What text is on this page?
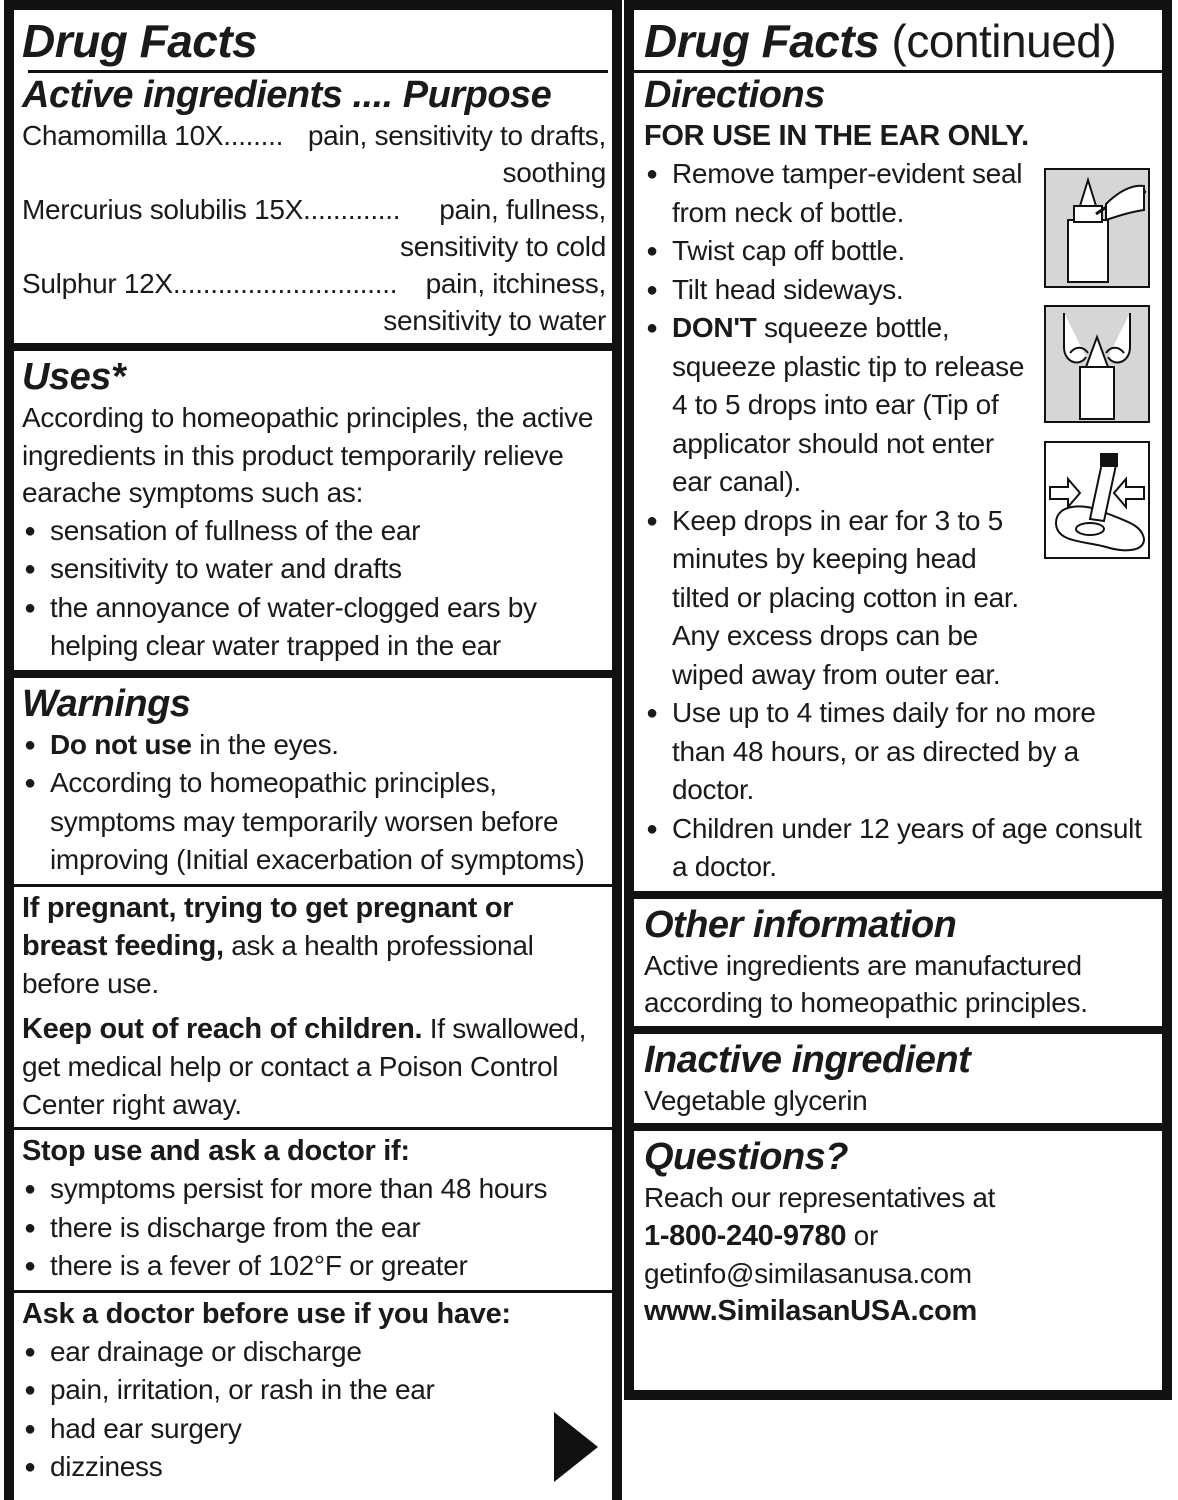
Drug Facts
Active ingredients .... Purpose
Chamomilla 10X ........ pain, sensitivity to drafts,
soothing
Mercurius solubilis 15X .............	pain, fullness,
sensitivity to cold
Sulphur 12X ..............................	pain, itchiness,
sensitivity to water
Uses*
According to homeopathic principles, the active ingredients in this product temporarily relieve earache symptoms such as:
● sensation of fullness of the ear
● sensitivity to water and drafts
● the annoyance of water-clogged ears by helping clear water trapped in the ear
Warnings
● Do not use in the eyes.
● According to homeopathic principles, symptoms may temporarily worsen before improving (Initial exacerbation of symptoms)
If pregnant, trying to get pregnant or breast feeding, ask a health professional before use.
Keep out of reach of children. If swallowed, get medical help or contact a Poison Control Center right away.
Stop use and ask a doctor if:
● symptoms persist for more than 48 hours
● there is discharge from the ear
● there is a fever of 102°F or greater
Ask a doctor before use if you have:
● ear drainage or discharge
● pain, irritation, or rash in the ear
● had ear surgery
● dizziness
Drug Facts (continued)
Directions
FOR USE IN THE EAR ONLY.
● Remove tamper-evident seal from neck of bottle.
● Twist cap off bottle.
● Tilt head sideways.
● DON'T squeeze bottle, squeeze plastic tip to release 4 to 5 drops into ear (Tip of applicator should not enter ear canal).
● Keep drops in ear for 3 to 5 minutes by keeping head tilted or placing cotton in ear. Any excess drops can be wiped away from outer ear.
● Use up to 4 times daily for no more than 48 hours, or as directed by a doctor.
● Children under 12 years of age consult a doctor.
Other information
Active ingredients are manufactured according to homeopathic principles.
Inactive ingredient
Vegetable glycerin
Questions?
Reach our representatives at
1-800-240-9780 or
getinfo@similasanusa.com
www.SimilasanUSA.com
